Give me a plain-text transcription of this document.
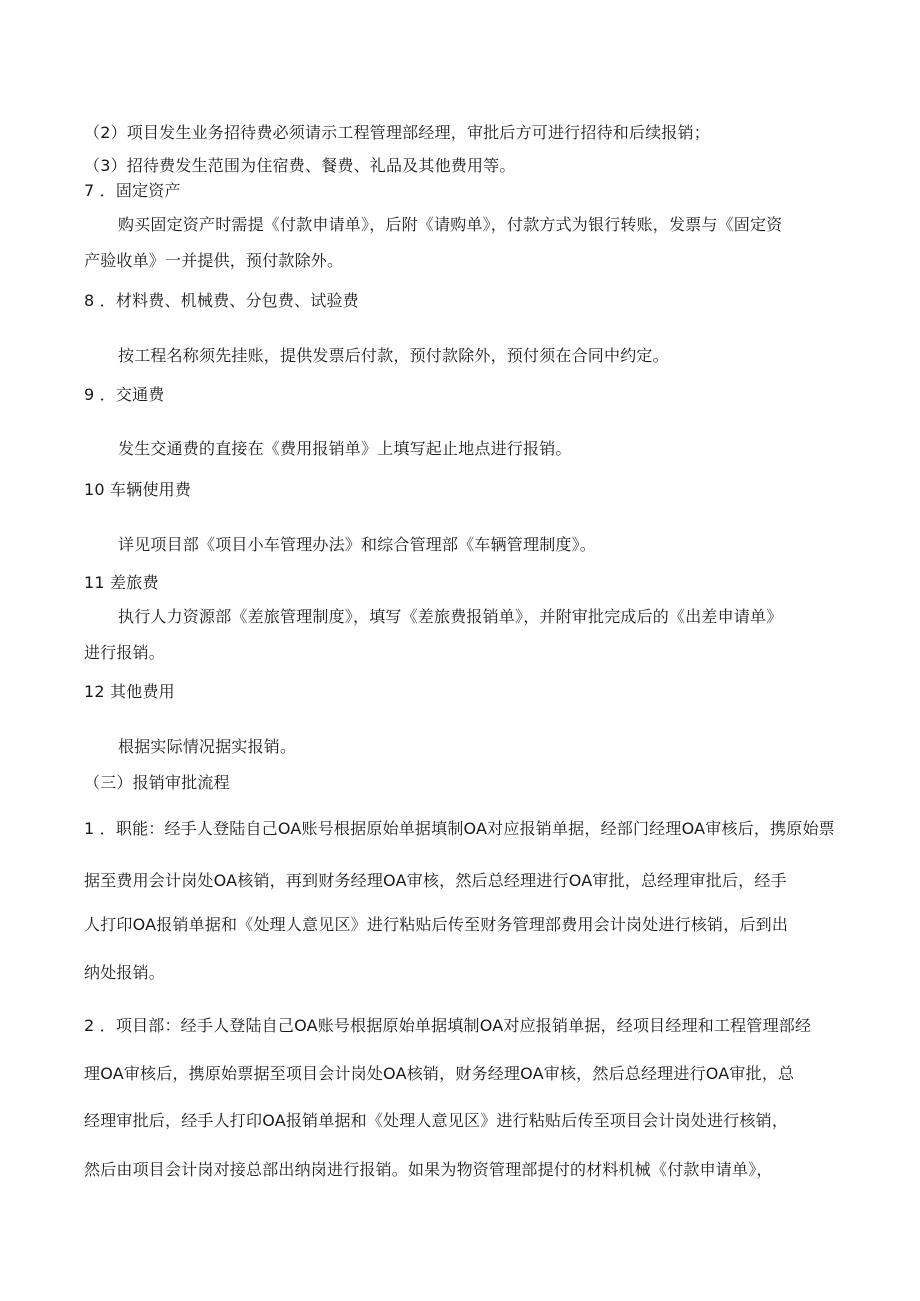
（2）项目发生业务招待费必须请示工程管理部经理，审批后方可进行招待和后续报销；
（3）招待费发生范围为住宿费、餐费、礼品及其他费用等。
7 ．固定资产
购买固定资产时需提《付款申请单》，后附《请购单》，付款方式为银行转账，发票与《固定资
产验收单》一并提供，预付款除外。
8 ．材料费、机械费、分包费、试验费
按工程名称须先挂账，提供发票后付款，预付款除外，预付须在合同中约定。
9 ．交通费
发生交通费的直接在《费用报销单》上填写起止地点进行报销。
10 车辆使用费
详见项目部《项目小车管理办法》和综合管理部《车辆管理制度》。
11 差旅费
执行人力资源部《差旅管理制度》，填写《差旅费报销单》，并附审批完成后的《出差申请单》
进行报销。
12 其他费用
根据实际情况据实报销。
（三）报销审批流程
1 ．职能：经手人登陆自己OA账号根据原始单据填制OA对应报销单据，经部门经理OA审核后，携原始票
据至费用会计岗处OA核销，再到财务经理OA审核，然后总经理进行OA审批，总经理审批后，经手
人打印OA报销单据和《处理人意见区》进行粘贴后传至财务管理部费用会计岗处进行核销，后到出
纳处报销。
2 ．项目部：经手人登陆自己OA账号根据原始单据填制OA对应报销单据，经项目经理和工程管理部经
理OA审核后，携原始票据至项目会计岗处OA核销，财务经理OA审核，然后总经理进行OA审批，总
经理审批后，经手人打印OA报销单据和《处理人意见区》进行粘贴后传至项目会计岗处进行核销，
然后由项目会计岗对接总部出纳岗进行报销。如果为物资管理部提付的材料机械《付款申请单》，
